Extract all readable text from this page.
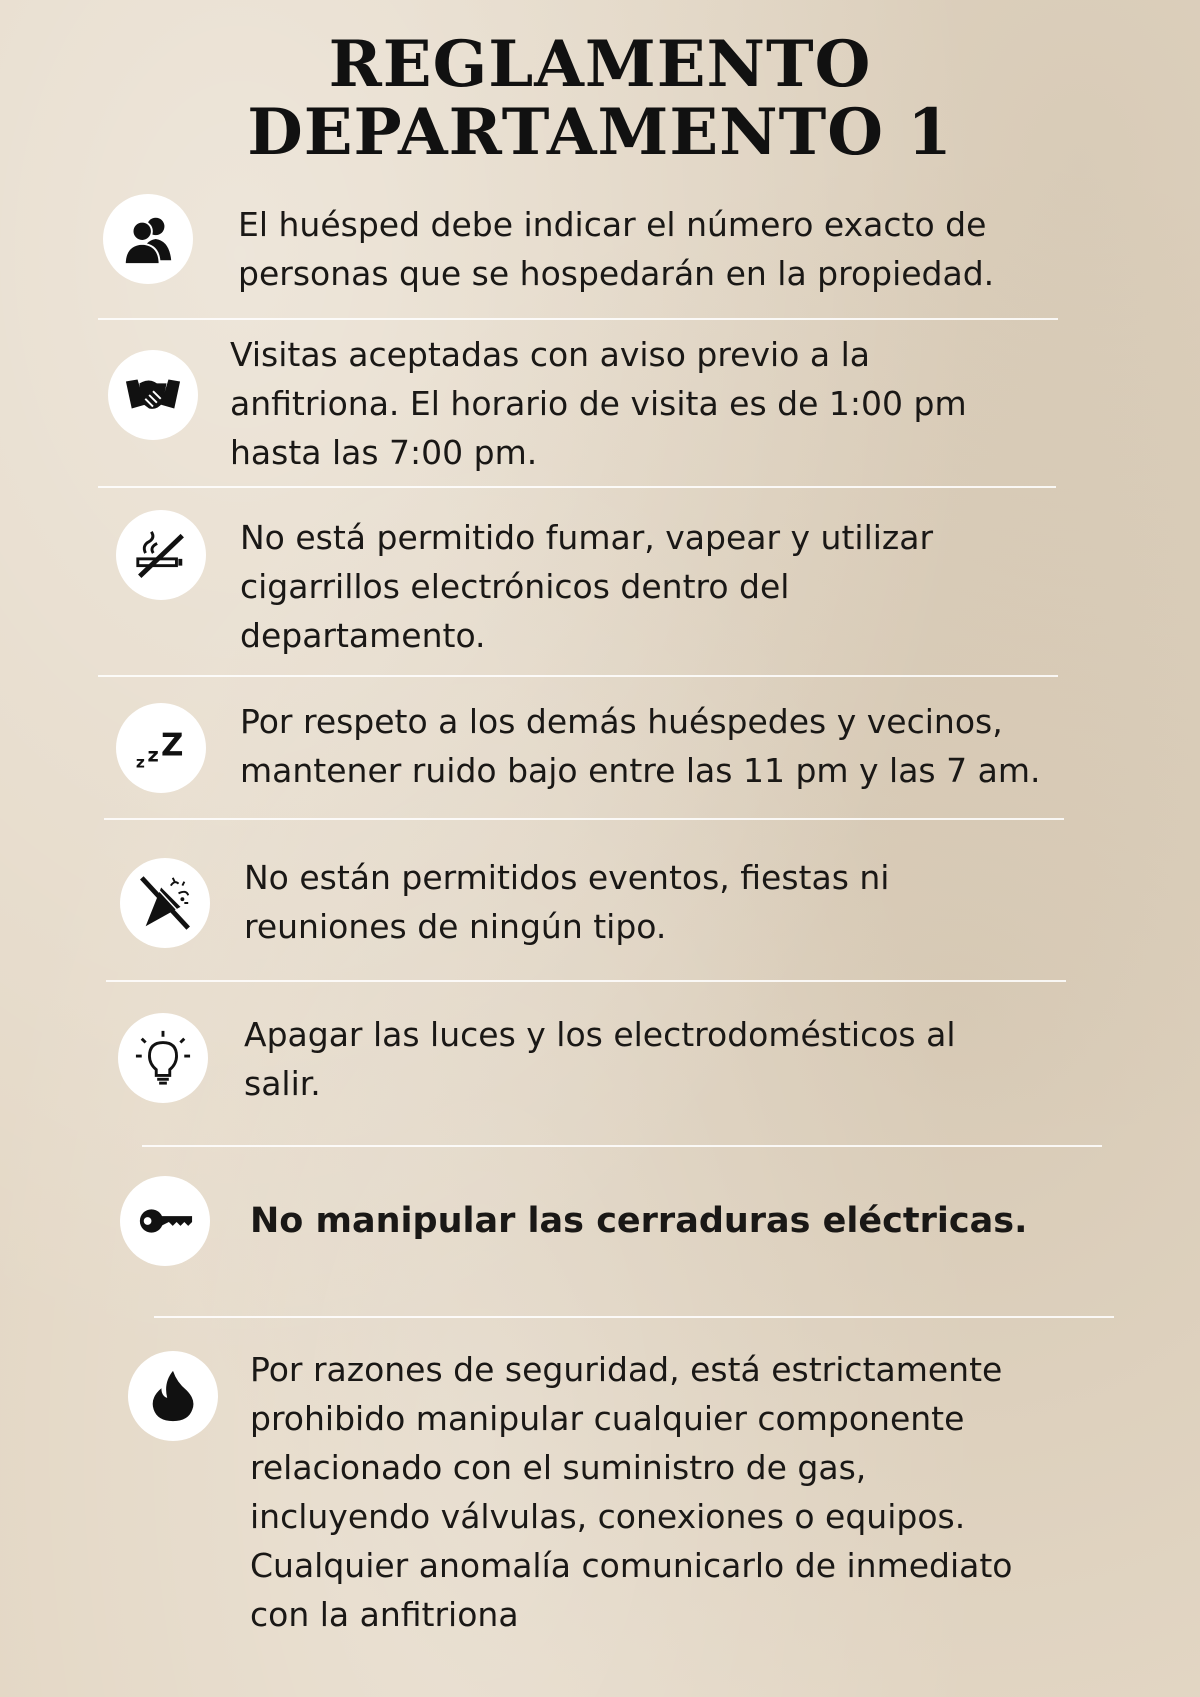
REGLAMENTO
DEPARTAMENTO 1
El huésped debe indicar el número exacto de
personas que se hospedarán en la propiedad.
Visitas aceptadas con aviso previo a la
anfitriona. El horario de visita es de 1:00 pm
hasta las 7:00 pm.
No está permitido fumar, vapear y utilizar
cigarrillos electrónicos dentro del
departamento.
z z Z
Por respeto a los demás huéspedes y vecinos,
mantener ruido bajo entre las 11 pm y las 7 am.
No están permitidos eventos, fiestas ni
reuniones de ningún tipo.
Apagar las luces y los electrodomésticos al
salir.
No manipular las cerraduras eléctricas.
Por razones de seguridad, está estrictamente
prohibido manipular cualquier componente
relacionado con el suministro de gas,
incluyendo válvulas, conexiones o equipos.
Cualquier anomalía comunicarlo de inmediato
con la anfitriona
